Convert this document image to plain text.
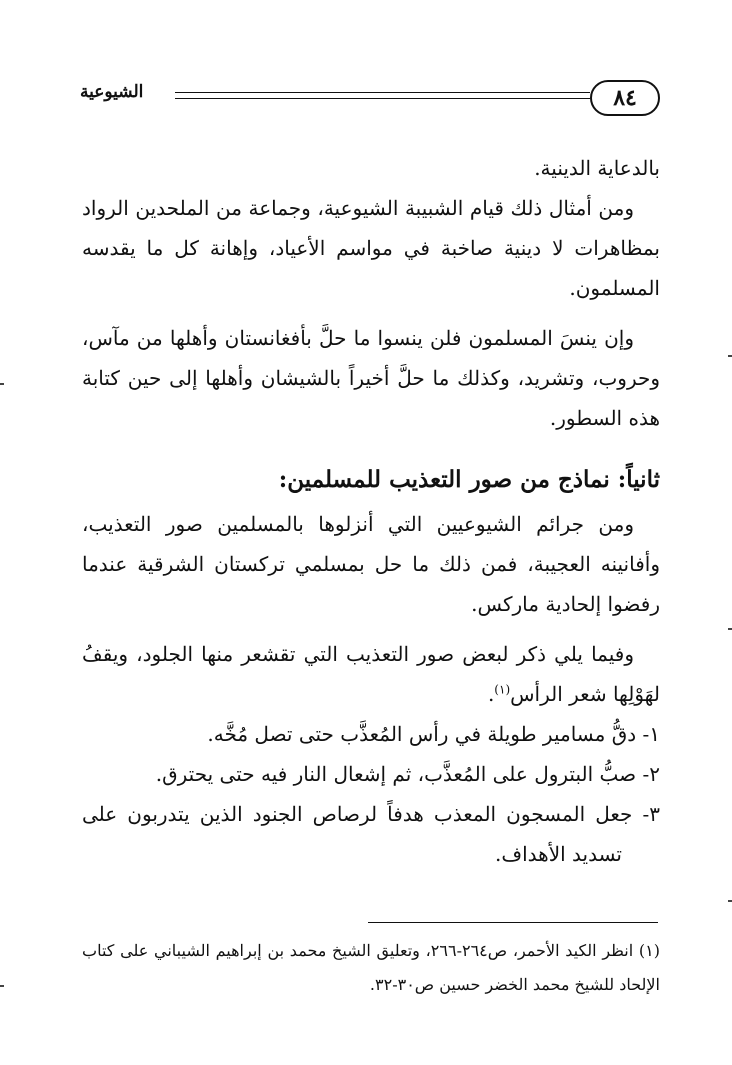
٨٤
الشيوعية

بالدعاية الدينية.

ومن أمثال ذلك قيام الشبيبة الشيوعية، وجماعة من الملحدين الرواد بمظاهرات لا دينية صاخبة في مواسم الأعياد، وإهانة كل ما يقدسه المسلمون.

وإن ينسَ المسلمون فلن ينسوا ما حلَّ بأفغانستان وأهلها من مآس، وحروب، وتشريد، وكذلك ما حلَّ أخيراً بالشيشان وأهلها إلى حين كتابة هذه السطور.

ثانياً: نماذج من صور التعذيب للمسلمين:

ومن جرائم الشيوعيين التي أنزلوها بالمسلمين صور التعذيب، وأفانينه العجيبة، فمن ذلك ما حل بمسلمي تركستان الشرقية عندما رفضوا إلحادية ماركس.

وفيما يلي ذكر لبعض صور التعذيب التي تقشعر منها الجلود، ويقفُ لهَوْلِها شعر الرأس$^{(١)}$.

١- دقُّ مسامير طويلة في رأس المُعذَّب حتى تصل مُخَّه.

٢- صبُّ البترول على المُعذَّب، ثم إشعال النار فيه حتى يحترق.

٣- جعل المسجون المعذب هدفاً لرصاص الجنود الذين يتدربون على تسديد الأهداف.

(١) انظر الكيد الأحمر، ص٢٦٤-٢٦٦، وتعليق الشيخ محمد بن إبراهيم الشيباني على كتاب الإلحاد للشيخ محمد الخضر حسين ص٣٠-٣٢.
